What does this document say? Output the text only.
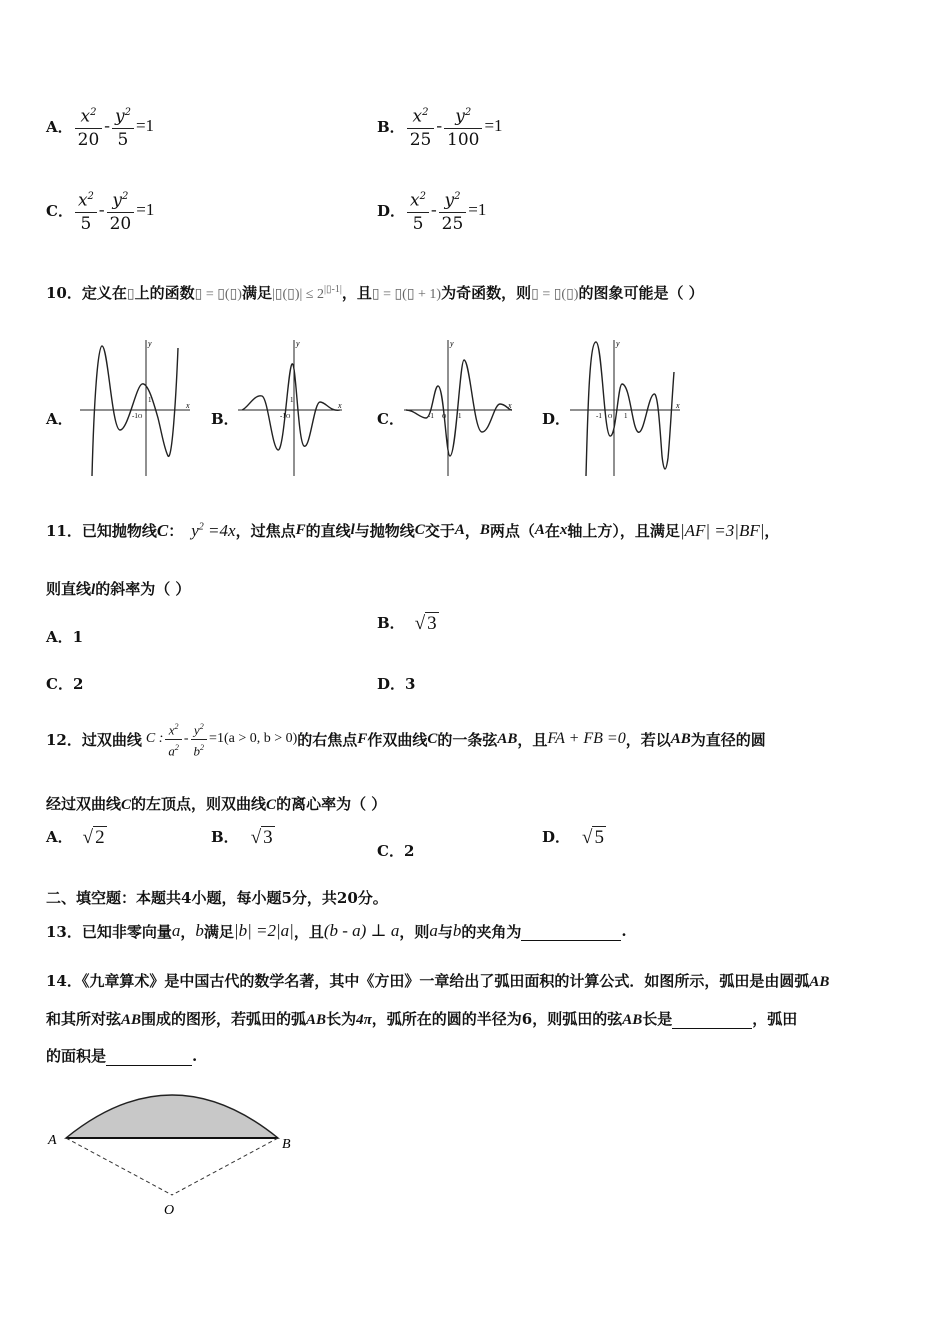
A． $\frac{x^2}{20} - \frac{y^2}{5} =1$	B． $\frac{x^2}{25} - \frac{y^2}{100} =1$
C． $\frac{x^2}{5} - \frac{y^2}{20} =1$	D． $\frac{x^2}{5} - \frac{y^2}{25} =1$
10．定义在▯上的函数▯ = ▯(▯)满足|▯(▯)| ≤ $2^{|▯-1|}$，且▯ = ▯(▯ + 1)为奇函数，则▯ = ▯(▯)的图象可能是（ ）
A．	B．	C．	D．
y
x
-1 O
1
y
x
-1 O
1
y
x
-1 O 1
y
x
-1 O 1
11．已知抛物线 C ： $y^2 =4x$ ，过焦点 F 的直线 l 与抛物线 C 交于 A ， B 两点（ A 在 x 轴上方），且满足 |AF| =3|BF| ，
则直线l的斜率为（ ）
A．1
B． √ 3
C．2	D．3
12．过双曲线 C : $\frac{x^2}{a^2} - \frac{y^2}{b^2} =1(a > 0$, b > 0) 的右焦点 F 作双曲线 C 的一条弦 AB ，且 FA + FB =0 ，若以 AB 为直径的圆
经过双曲线C的左顶点，则双曲线C的离心率为（ ）
A． √ 2	B． √ 3
C．2
D． √ 5
二、填空题：本题共4小题，每小题5分，共20分。
13．已知非零向量 a ， b 满足 |b| =2|a| ，且 (b - a) ⊥ a ，则 a 与 b 的夹角为	.
14．《九章算术》是中国古代的数学名著，其中《方田》一章给出了弧田面积的计算公式．如图所示，弧田是由圆弧AB
和其所对弦AB围成的图形，若弧田的弧AB长为4π，弧所在的圆的半径为6，则弧田的弦AB长是	，弧田
的面积是	.
A	B
O
